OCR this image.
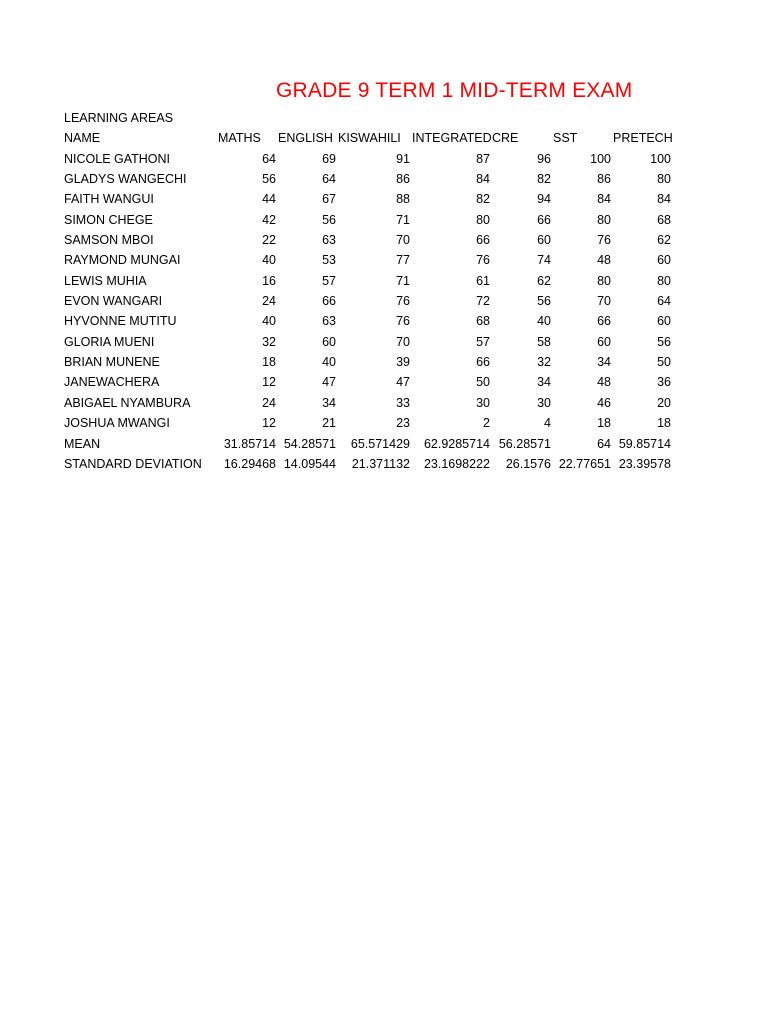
GRADE 9 TERM 1 MID-TERM EXAM
LEARNING AREAS
NAME	MATHS ENGLISH KISWAHILI INTEGRATED CRE	SST	PRETECH
NICOLE GATHONI	64	69	91	87	96	100	100
GLADYS WANGECHI	56	64	86	84	82	86	80
FAITH WANGUI	44	67	88	82	94	84	84
SIMON CHEGE	42	56	71	80	66	80	68
SAMSON MBOI	22	63	70	66	60	76	62
RAYMOND MUNGAI	40	53	77	76	74	48	60
LEWIS MUHIA	16	57	71	61	62	80	80
EVON WANGARI	24	66	76	72	56	70	64
HYVONNE MUTITU	40	63	76	68	40	66	60
GLORIA MUENI	32	60	70	57	58	60	56
BRIAN MUNENE	18	40	39	66	32	34	50
JANEWACHERA	12	47	47	50	34	48	36
ABIGAEL NYAMBURA	24	34	33	30	30	46	20
JOSHUA MWANGI	12	21	23	2	4	18	18
MEAN	31.85714 54.28571	65.571429	62.9285714 56.28571	64 59.85714
STANDARD DEVIATION	16.29468 14.09544	21.371132	23.1698222	26.1576 22.77651 23.39578
